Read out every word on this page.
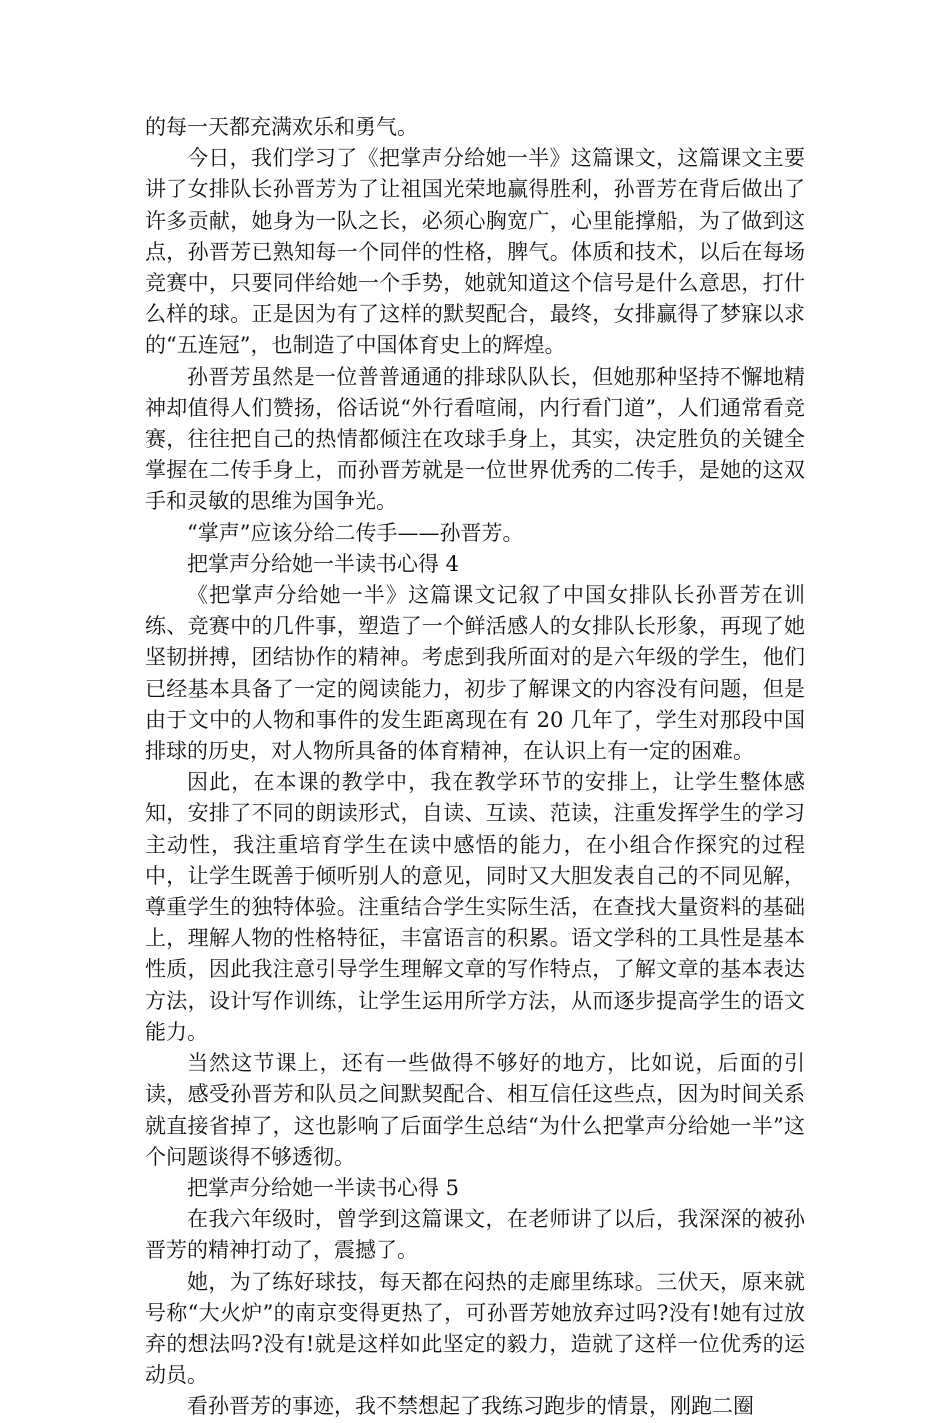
的每一天都充满欢乐和勇气。

今日，我们学习了《把掌声分给她一半》这篇课文，这篇课文主要讲了女排队长孙晋芳为了让祖国光荣地赢得胜利，孙晋芳在背后做出了许多贡献，她身为一队之长，必须心胸宽广，心里能撑船，为了做到这点，孙晋芳已熟知每一个同伴的性格，脾气。体质和技术，以后在每场竞赛中，只要同伴给她一个手势，她就知道这个信号是什么意思，打什么样的球。正是因为有了这样的默契配合，最终，女排赢得了梦寐以求的“五连冠”，也制造了中国体育史上的辉煌。

孙晋芳虽然是一位普普通通的排球队队长，但她那种坚持不懈地精神却值得人们赞扬，俗话说“外行看喧闹，内行看门道”，人们通常看竞赛，往往把自己的热情都倾注在攻球手身上，其实，决定胜负的关键全掌握在二传手身上，而孙晋芳就是一位世界优秀的二传手，是她的这双手和灵敏的思维为国争光。

“掌声”应该分给二传手——孙晋芳。

把掌声分给她一半读书心得 4

《把掌声分给她一半》这篇课文记叙了中国女排队长孙晋芳在训练、竞赛中的几件事，塑造了一个鲜活感人的女排队长形象，再现了她坚韧拼搏，团结协作的精神。考虑到我所面对的是六年级的学生，他们已经基本具备了一定的阅读能力，初步了解课文的内容没有问题，但是由于文中的人物和事件的发生距离现在有 20 几年了，学生对那段中国排球的历史，对人物所具备的体育精神，在认识上有一定的困难。

因此，在本课的教学中，我在教学环节的安排上，让学生整体感知，安排了不同的朗读形式，自读、互读、范读，注重发挥学生的学习主动性，我注重培育学生在读中感悟的能力，在小组合作探究的过程中，让学生既善于倾听别人的意见，同时又大胆发表自己的不同见解，尊重学生的独特体验。注重结合学生实际生活，在查找大量资料的基础上，理解人物的性格特征，丰富语言的积累。语文学科的工具性是基本性质，因此我注意引导学生理解文章的写作特点，了解文章的基本表达方法，设计写作训练，让学生运用所学方法，从而逐步提高学生的语文能力。

当然这节课上，还有一些做得不够好的地方，比如说，后面的引读，感受孙晋芳和队员之间默契配合、相互信任这些点，因为时间关系就直接省掉了，这也影响了后面学生总结“为什么把掌声分给她一半”这个问题谈得不够透彻。

把掌声分给她一半读书心得 5

在我六年级时，曾学到这篇课文，在老师讲了以后，我深深的被孙晋芳的精神打动了，震撼了。

她，为了练好球技，每天都在闷热的走廊里练球。三伏天，原来就号称“大火炉”的南京变得更热了，可孙晋芳她放弃过吗?没有!她有过放弃的想法吗?没有!就是这样如此坚定的毅力，造就了这样一位优秀的运动员。

看孙晋芳的事迹，我不禁想起了我练习跑步的情景，刚跑二圈
